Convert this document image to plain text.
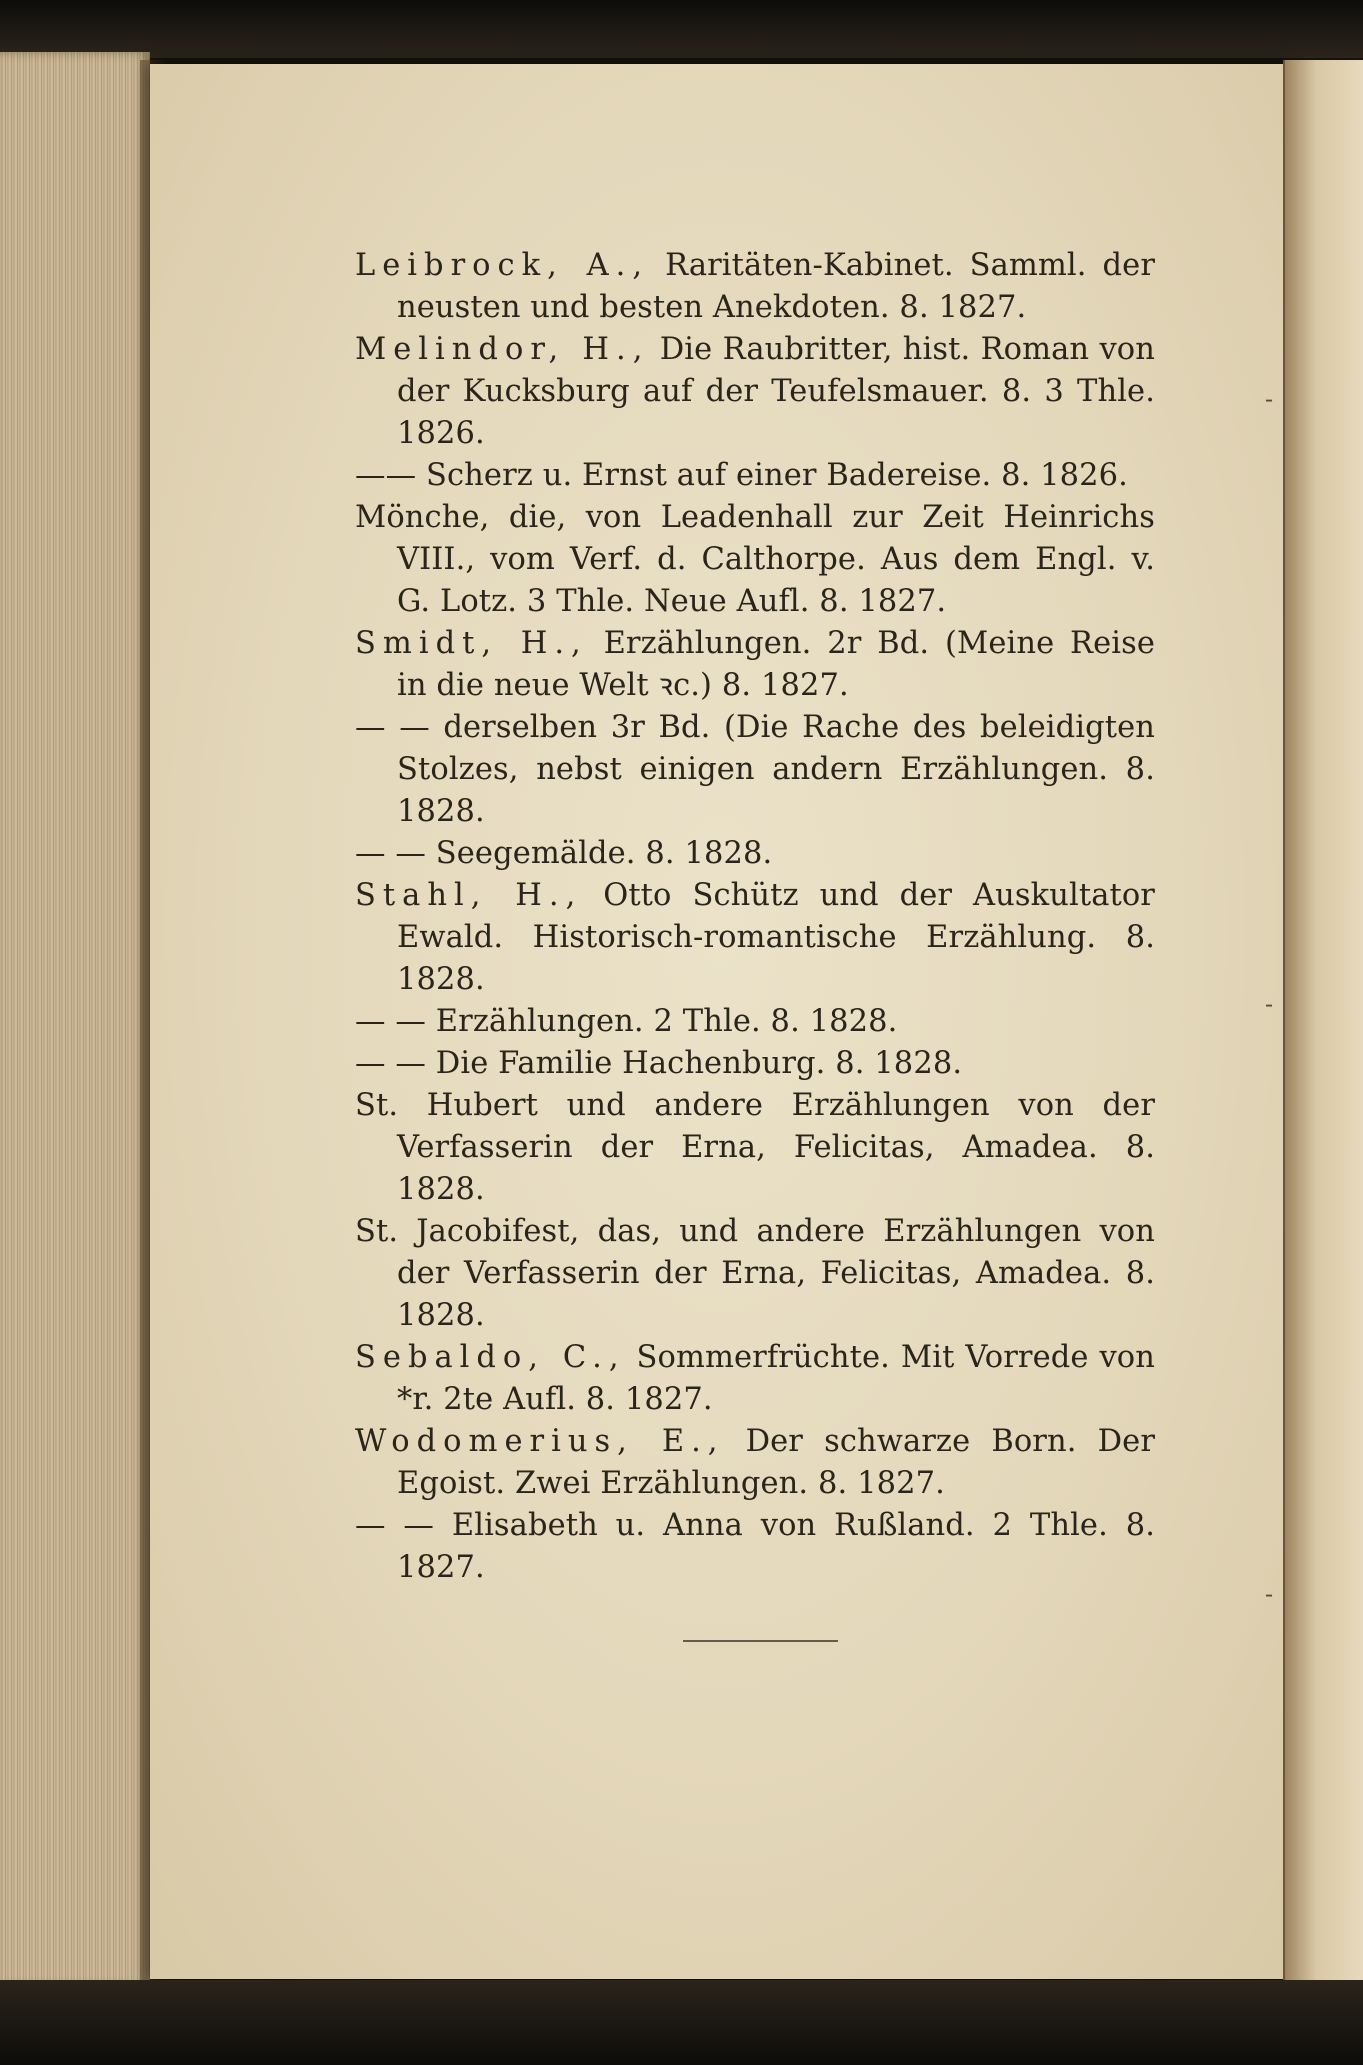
-
-
-
Leibrock, A., Raritäten-Kabinet. Samml. der neusten und besten Anekdoten. 8. 1827.
Melindor, H., Die Raubritter, hist. Roman von der Kucksburg auf der Teufelsmauer. 8. 3 Thle. 1826.
—— Scherz u. Ernst auf einer Badereise. 8. 1826.
Mönche, die, von Leadenhall zur Zeit Heinrichs VIII., vom Verf. d. Calthorpe. Aus dem Engl. v. G. Lotz. 3 Thle. Neue Aufl. 8. 1827.
Smidt, H., Erzählungen. 2r Bd. (Meine Reise in die neue Welt ꝛc.) 8. 1827.
— — derselben 3r Bd. (Die Rache des beleidigten Stolzes, nebst einigen andern Erzählungen. 8. 1828.
— — Seegemälde. 8. 1828.
Stahl, H., Otto Schütz und der Auskultator Ewald. Historisch-romantische Erzählung. 8. 1828.
— — Erzählungen. 2 Thle. 8. 1828.
— — Die Familie Hachenburg. 8. 1828.
St. Hubert und andere Erzählungen von der Verfasserin der Erna, Felicitas, Amadea. 8. 1828.
St. Jacobifest, das, und andere Erzählungen von der Verfasserin der Erna, Felicitas, Amadea. 8. 1828.
Sebaldo, C., Sommerfrüchte. Mit Vorrede von *r. 2te Aufl. 8. 1827.
Wodomerius, E., Der schwarze Born. Der Egoist. Zwei Erzählungen. 8. 1827.
— — Elisabeth u. Anna von Rußland. 2 Thle. 8. 1827.
